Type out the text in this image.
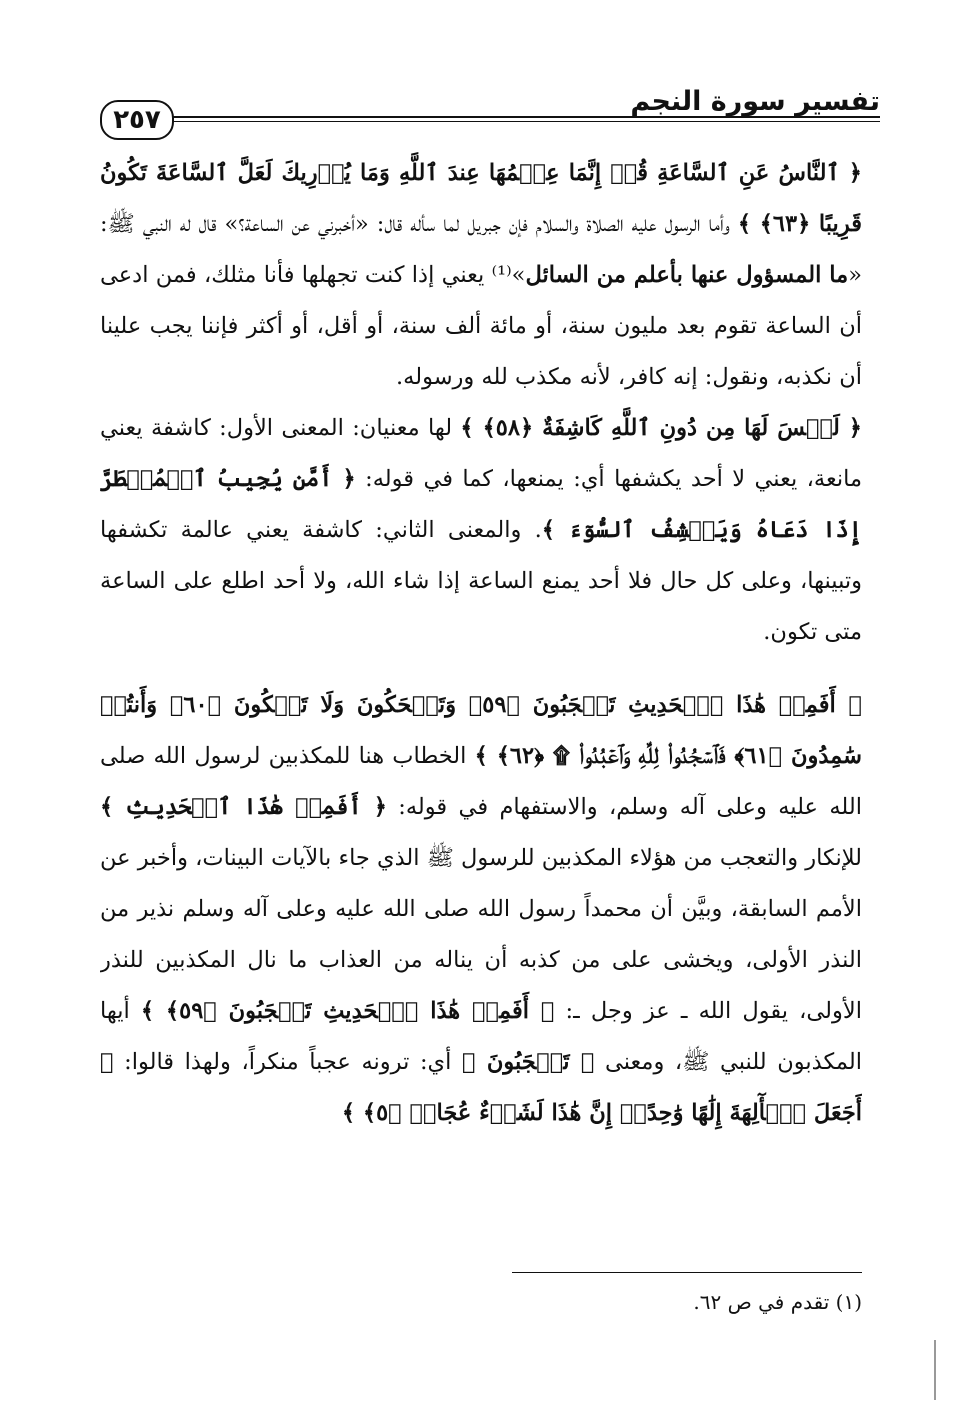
تفسير سورة النجم
٢٥٧

﴿ ٱلنَّاسُ عَنِ ٱلسَّاعَةِ قُلۡ إِنَّمَا عِلۡمُهَا عِندَ ٱللَّهِ وَمَا يُدۡرِيكَ لَعَلَّ ٱلسَّاعَةَ تَكُونُ قَرِيبًا ﴿٦٣﴾ ﴾ وأما الرسول عليه الصلاة والسلام فإن جبريل لما سأله قال: «أخبرني عن الساعة؟» قال له النبي ﷺ: «ما المسؤول عنها بأعلم من السائل»⁽¹⁾ يعني إذا كنت تجهلها فأنا مثلك، فمن ادعى أن الساعة تقوم بعد مليون سنة، أو مائة ألف سنة، أو أقل، أو أكثر فإننا يجب علينا أن نكذبه، ونقول: إنه كافر، لأنه مكذب لله ورسوله.

﴿ لَيۡسَ لَهَا مِن دُونِ ٱللَّهِ كَاشِفَةٌ ﴿٥٨﴾ ﴾ لها معنيان: المعنى الأول: كاشفة يعني مانعة، يعني لا أحد يكشفها أي: يمنعها، كما في قوله: ﴿ أَمَّن يُجِيبُ ٱلۡمُضۡطَرَّ إِذَا دَعَاهُ وَيَكۡشِفُ ٱلسُّوٓءَ ﴾. والمعنى الثاني: كاشفة يعني عالمة تكشفها وتبينها، وعلى كل حال فلا أحد يمنع الساعة إذا شاء الله، ولا أحد اطلع على الساعة متى تكون.

﴿ أَفَمِنۡ هَٰذَا ٱلۡحَدِيثِ تَعۡجَبُونَ ﴿٥٩﴾ وَتَضۡحَكُونَ وَلَا تَبۡكُونَ ﴿٦٠﴾ وَأَنتُمۡ سَٰمِدُونَ ﴿٦١﴾ فَٱسۡجُدُواْ لِلَّهِ وَٱعۡبُدُواْ ۩ ﴿٦٢﴾ ﴾ الخطاب هنا للمكذبين لرسول الله صلى الله عليه وعلى آله وسلم، والاستفهام في قوله: ﴿ أَفَمِنۡ هَٰذَا ٱلۡحَدِيثِ ﴾ للإنكار والتعجب من هؤلاء المكذبين للرسول ﷺ الذي جاء بالآيات البينات، وأخبر عن الأمم السابقة، وبيَّن أن محمداً رسول الله صلى الله عليه وعلى آله وسلم نذير من النذر الأولى، ويخشى على من كذبه أن يناله من العذاب ما نال المكذبين للنذر الأولى، يقول الله ـ عز وجل ـ: ﴿ أَفَمِنۡ هَٰذَا ٱلۡحَدِيثِ تَعۡجَبُونَ ﴿٥٩﴾ ﴾ أيها المكذبون للنبي ﷺ، ومعنى ﴿ تَعۡجَبُونَ ﴾ أي: ترونه عجباً منكراً، ولهذا قالوا: ﴿ أَجَعَلَ ٱلۡأٓلِهَةَ إِلَٰهًا وَٰحِدًاۖ إِنَّ هَٰذَا لَشَيۡءٌ عُجَابٞ ﴿٥﴾ ﴾

(١) تقدم في ص ٦٢.
